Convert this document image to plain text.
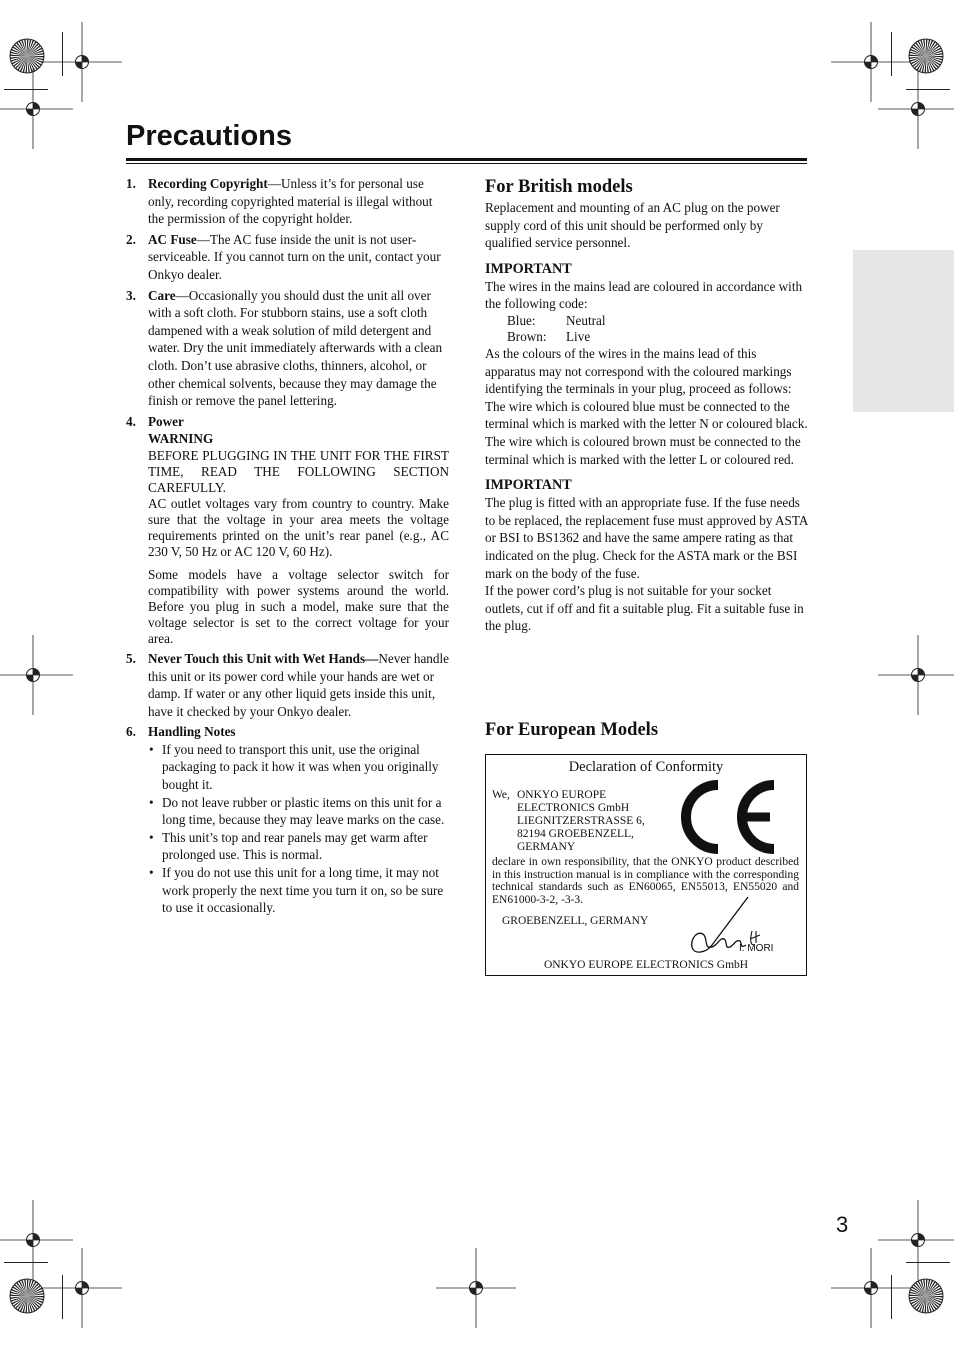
Precautions
1. Recording Copyright—Unless it’s for personal use only, recording copyrighted material is illegal without the permission of the copyright holder.
2. AC Fuse—The AC fuse inside the unit is not user-serviceable. If you cannot turn on the unit, contact your Onkyo dealer.
3. Care—Occasionally you should dust the unit all over with a soft cloth. For stubborn stains, use a soft cloth dampened with a weak solution of mild detergent and water. Dry the unit immediately afterwards with a clean cloth. Don’t use abrasive cloths, thinners, alcohol, or other chemical solvents, because they may damage the finish or remove the panel lettering.
4. Power
WARNING
BEFORE PLUGGING IN THE UNIT FOR THE FIRST TIME, READ THE FOLLOWING SECTION CAREFULLY.
AC outlet voltages vary from country to country. Make sure that the voltage in your area meets the voltage requirements printed on the unit’s rear panel (e.g., AC 230 V, 50 Hz or AC 120 V, 60 Hz).
Some models have a voltage selector switch for compatibility with power systems around the world. Before you plug in such a model, make sure that the voltage selector is set to the correct voltage for your area.
5. Never Touch this Unit with Wet Hands—Never handle this unit or its power cord while your hands are wet or damp. If water or any other liquid gets inside this unit, have it checked by your Onkyo dealer.
6. Handling Notes
• If you need to transport this unit, use the original packaging to pack it how it was when you originally bought it.
• Do not leave rubber or plastic items on this unit for a long time, because they may leave marks on the case.
• This unit’s top and rear panels may get warm after prolonged use. This is normal.
• If you do not use this unit for a long time, it may not work properly the next time you turn it on, so be sure to use it occasionally.
For British models
Replacement and mounting of an AC plug on the power supply cord of this unit should be performed only by qualified service personnel.
IMPORTANT
The wires in the mains lead are coloured in accordance with the following code:
Blue: Neutral
Brown: Live
As the colours of the wires in the mains lead of this apparatus may not correspond with the coloured markings identifying the terminals in your plug, proceed as follows:
The wire which is coloured blue must be connected to the terminal which is marked with the letter N or coloured black.
The wire which is coloured brown must be connected to the terminal which is marked with the letter L or coloured red.
IMPORTANT
The plug is fitted with an appropriate fuse. If the fuse needs to be replaced, the replacement fuse must approved by ASTA or BSI to BS1362 and have the same ampere rating as that indicated on the plug. Check for the ASTA mark or the BSI mark on the body of the fuse.
If the power cord’s plug is not suitable for your socket outlets, cut if off and fit a suitable plug. Fit a suitable fuse in the plug.
For European Models
Declaration of Conformity
We, ONKYO EUROPE
ELECTRONICS GmbH
LIEGNITZERSTRASSE 6,
82194 GROEBENZELL,
GERMANY
declare in own responsibility, that the ONKYO product described in this instruction manual is in compliance with the corresponding technical standards such as EN60065, EN55013, EN55020 and EN61000-3-2, -3-3.
GROEBENZELL, GERMANY
I. MORI
ONKYO EUROPE ELECTRONICS GmbH
3
